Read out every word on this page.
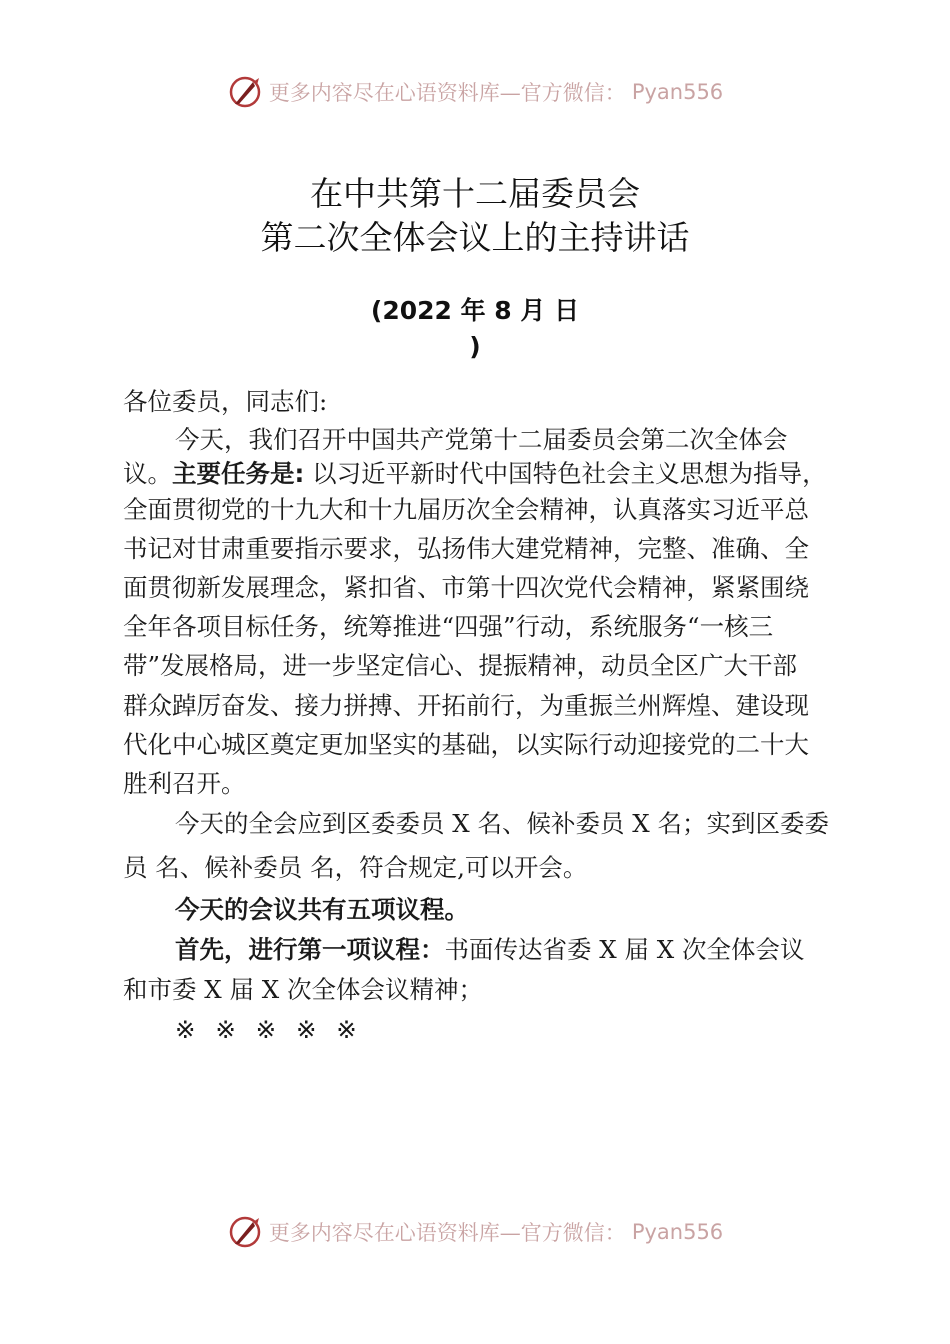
更多内容尽在心语资料库—官方微信： Pyan556
在中共第十二届委员会
第二次全体会议上的主持讲话
(2022 年 8 月 日
)
各位委员，同志们:
今天，我们召开中国共产党第十二届委员会第二次全体会
议。主要任务是: 以习近平新时代中国特色社会主义思想为指导，
全面贯彻党的十九大和十九届历次全会精神，认真落实习近平总
书记对甘肃重要指示要求，弘扬伟大建党精神，完整、准确、全
面贯彻新发展理念，紧扣省、市第十四次党代会精神，紧紧围绕
全年各项目标任务，统筹推进“四强”行动，系统服务“一核三
带”发展格局，进一步坚定信心、提振精神，动员全区广大干部
群众踔厉奋发、接力拼搏、开拓前行，为重振兰州辉煌、建设现
代化中心城区奠定更加坚实的基础，以实际行动迎接党的二十大
胜利召开。
今天的全会应到区委委员 X 名、候补委员 X 名；实到区委委
员 名、候补委员 名，符合规定,可以开会。
今天的会议共有五项议程。
首先，进行第一项议程：书面传达省委 X 届 X 次全体会议
和市委 X 届 X 次全体会议精神；
※ ※ ※ ※ ※
更多内容尽在心语资料库—官方微信： Pyan556
